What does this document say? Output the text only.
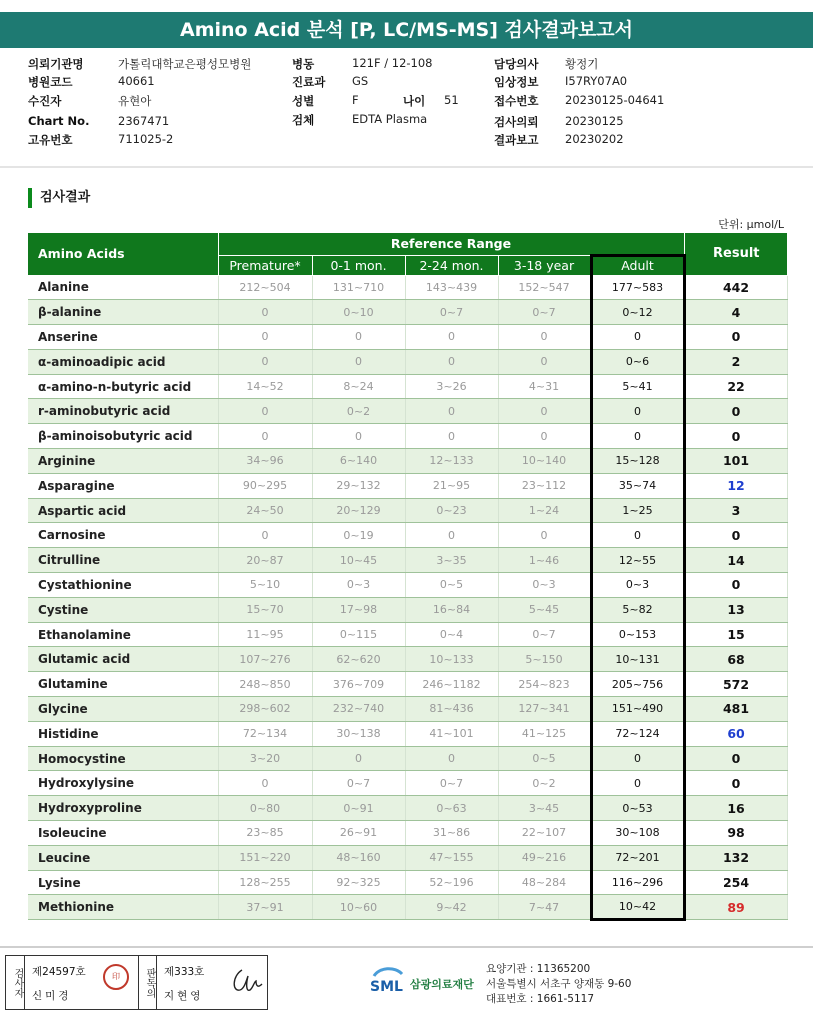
Amino Acid 분석 [P, LC/MS-MS] 검사결과보고서
의뢰기관명	가톨릭대학교은평성모병원
병원코드	40661
수진자	유현아
Chart No. 2367471
고유번호	711025-2
병동	121F / 12-108
진료과 GS
성별	F	나이 51
검체	EDTA Plasma
담당의사 황정기
임상정보 I57RY07A0
접수번호 20230125-04641
검사의뢰 20230125
결과보고 20230202
검사결과
단위: μmol/L
Amino Acids	Reference Range					Result
	Premature*	0-1 mon.	2-24 mon.	3-18 year	Adult	
Alanine	212~504	131~710	143~439	152~547	177~583	442
β-alanine	0	0~10	0~7	0~7	0~12	4
Anserine	0	0	0	0	0	0
α-aminoadipic acid	0	0	0	0	0~6	2
α-amino-n-butyric acid	14~52	8~24	3~26	4~31	5~41	22
r-aminobutyric acid	0	0~2	0	0	0	0
β-aminoisobutyric acid	0	0	0	0	0	0
Arginine	34~96	6~140	12~133	10~140	15~128	101
Asparagine	90~295	29~132	21~95	23~112	35~74	12
Aspartic acid	24~50	20~129	0~23	1~24	1~25	3
Carnosine	0	0~19	0	0	0	0
Citrulline	20~87	10~45	3~35	1~46	12~55	14
Cystathionine	5~10	0~3	0~5	0~3	0~3	0
Cystine	15~70	17~98	16~84	5~45	5~82	13
Ethanolamine	11~95	0~115	0~4	0~7	0~153	15
Glutamic acid	107~276	62~620	10~133	5~150	10~131	68
Glutamine	248~850	376~709	246~1182	254~823	205~756	572
Glycine	298~602	232~740	81~436	127~341	151~490	481
Histidine	72~134	30~138	41~101	41~125	72~124	60
Homocystine	3~20	0	0	0~5	0	0
Hydroxylysine	0	0~7	0~7	0~2	0	0
Hydroxyproline	0~80	0~91	0~63	3~45	0~53	16
Isoleucine	23~85	26~91	31~86	22~107	30~108	98
Leucine	151~220	48~160	47~155	49~216	72~201	132
Lysine	128~255	92~325	52~196	48~284	116~296	254
Methionine	37~91	10~60	9~42	7~47	10~42	89
검사자 제24597호
신미경
印	판독의 제333호
지현영
SML 삼광의료재단
요양기관 : 11365200
서울특별시 서초구 양재동 9-60
대표번호 : 1661-5117
